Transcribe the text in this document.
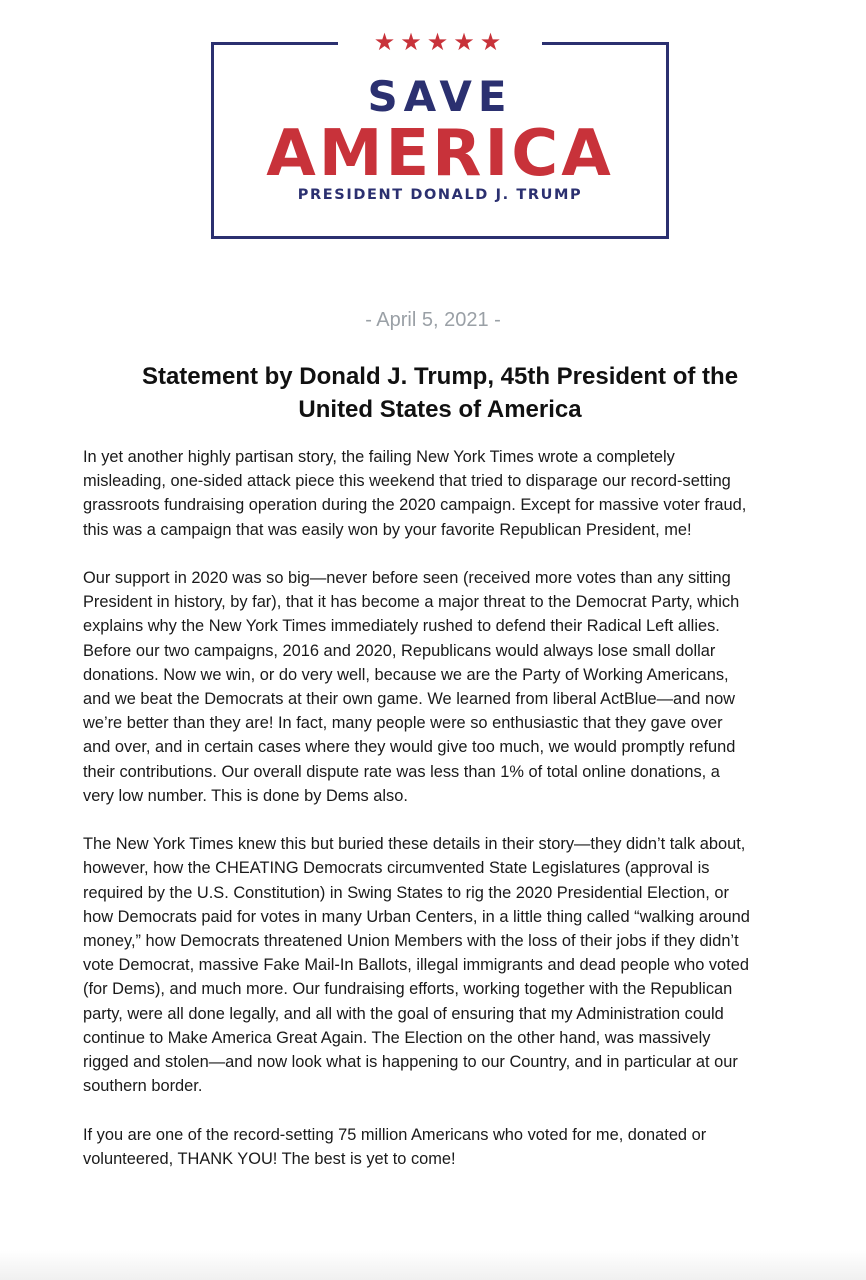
★★★★★
SAVE
AMERICA
PRESIDENT DONALD J. TRUMP
- April 5, 2021 -
Statement by Donald J. Trump, 45th President of the
United States of America

In yet another highly partisan story, the failing New York Times wrote a completely
misleading, one-sided attack piece this weekend that tried to disparage our record-setting
grassroots fundraising operation during the 2020 campaign. Except for massive voter fraud,
this was a campaign that was easily won by your favorite Republican President, me!

Our support in 2020 was so big—never before seen (received more votes than any sitting
President in history, by far), that it has become a major threat to the Democrat Party, which
explains why the New York Times immediately rushed to defend their Radical Left allies.
Before our two campaigns, 2016 and 2020, Republicans would always lose small dollar
donations. Now we win, or do very well, because we are the Party of Working Americans,
and we beat the Democrats at their own game. We learned from liberal ActBlue—and now
we’re better than they are! In fact, many people were so enthusiastic that they gave over
and over, and in certain cases where they would give too much, we would promptly refund
their contributions. Our overall dispute rate was less than 1% of total online donations, a
very low number. This is done by Dems also.

The New York Times knew this but buried these details in their story—they didn’t talk about,
however, how the CHEATING Democrats circumvented State Legislatures (approval is
required by the U.S. Constitution) in Swing States to rig the 2020 Presidential Election, or
how Democrats paid for votes in many Urban Centers, in a little thing called “walking around
money,” how Democrats threatened Union Members with the loss of their jobs if they didn’t
vote Democrat, massive Fake Mail-In Ballots, illegal immigrants and dead people who voted
(for Dems), and much more. Our fundraising efforts, working together with the Republican
party, were all done legally, and all with the goal of ensuring that my Administration could
continue to Make America Great Again. The Election on the other hand, was massively
rigged and stolen—and now look what is happening to our Country, and in particular at our
southern border.

If you are one of the record-setting 75 million Americans who voted for me, donated or
volunteered, THANK YOU! The best is yet to come!
